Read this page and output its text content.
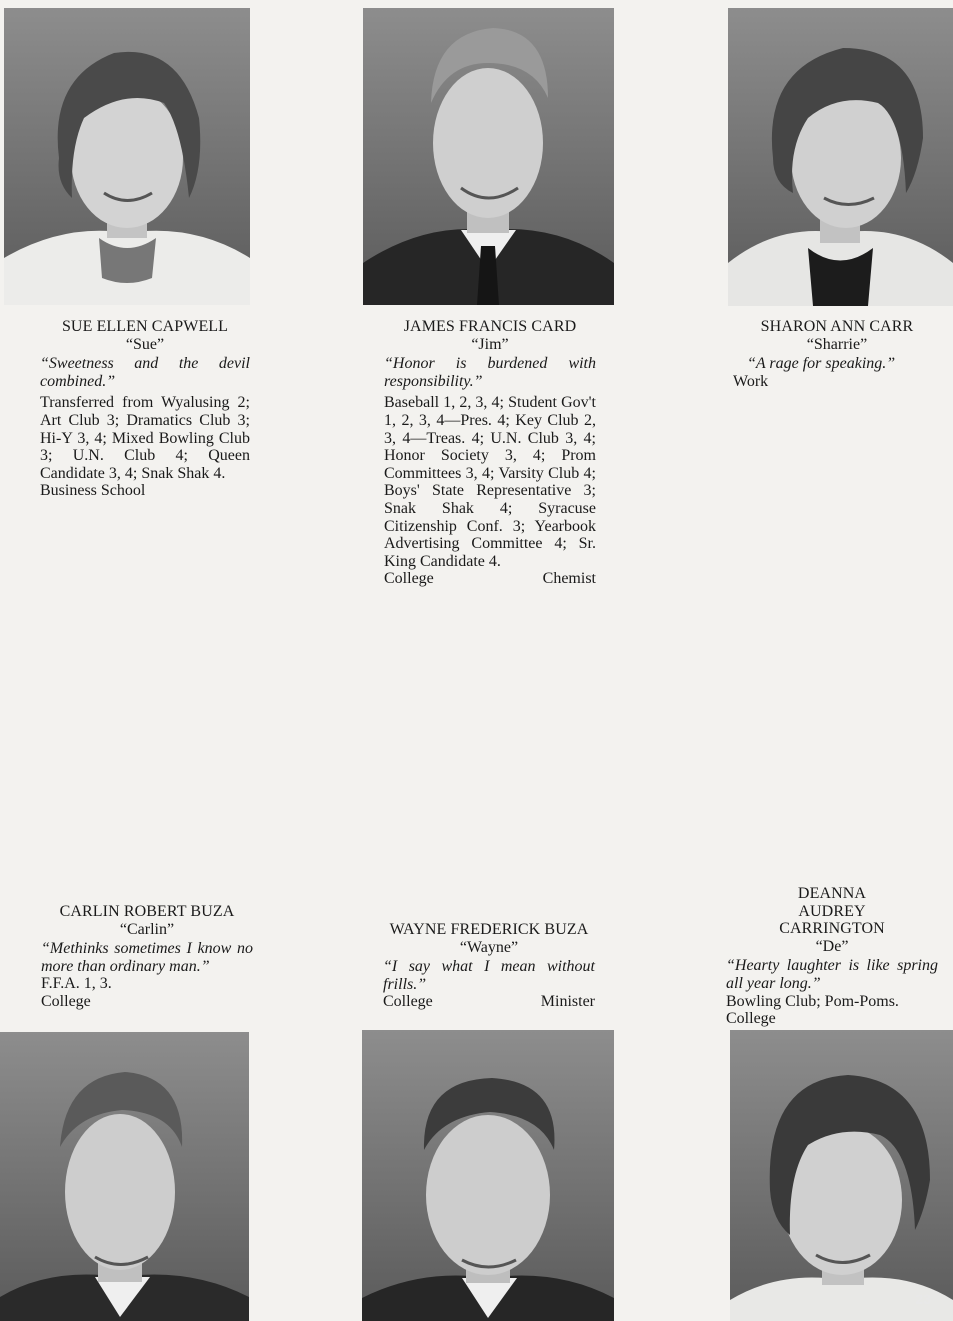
SUE ELLEN CAPWELL
“Sue”
“Sweetness and the devil combined.”
Transferred from Wyalusing 2; Art Club 3; Dramatics Club 3; Hi-Y 3, 4; Mixed Bowling Club 3; U.N. Club 4; Queen Candidate 3, 4; Snak Shak 4.
Business School
JAMES FRANCIS CARD
“Jim”
“Honor is burdened with responsibility.”
Baseball 1, 2, 3, 4; Student Gov't 1, 2, 3, 4—Pres. 4; Key Club 2, 3, 4—Treas. 4; U.N. Club 3, 4; Honor Society 3, 4; Prom Committees 3, 4; Varsity Club 4; Boys' State Representative 3; Snak Shak 4; Syracuse Citizenship Conf. 3; Yearbook Advertising Committee 4; Sr. King Candidate 4.
College	Chemist
SHARON ANN CARR
“Sharrie”
“A rage for speaking.”
Work
CARLIN ROBERT BUZA
“Carlin”
“Methinks sometimes I know no more than ordinary man.”
F.F.A. 1, 3.
College
WAYNE FREDERICK BUZA
“Wayne”
“I say what I mean without frills.”
College	Minister
DEANNA AUDREY CARRINGTON
“De”
“Hearty laughter is like spring all year long.”
Bowling Club; Pom-Poms.
College
23
